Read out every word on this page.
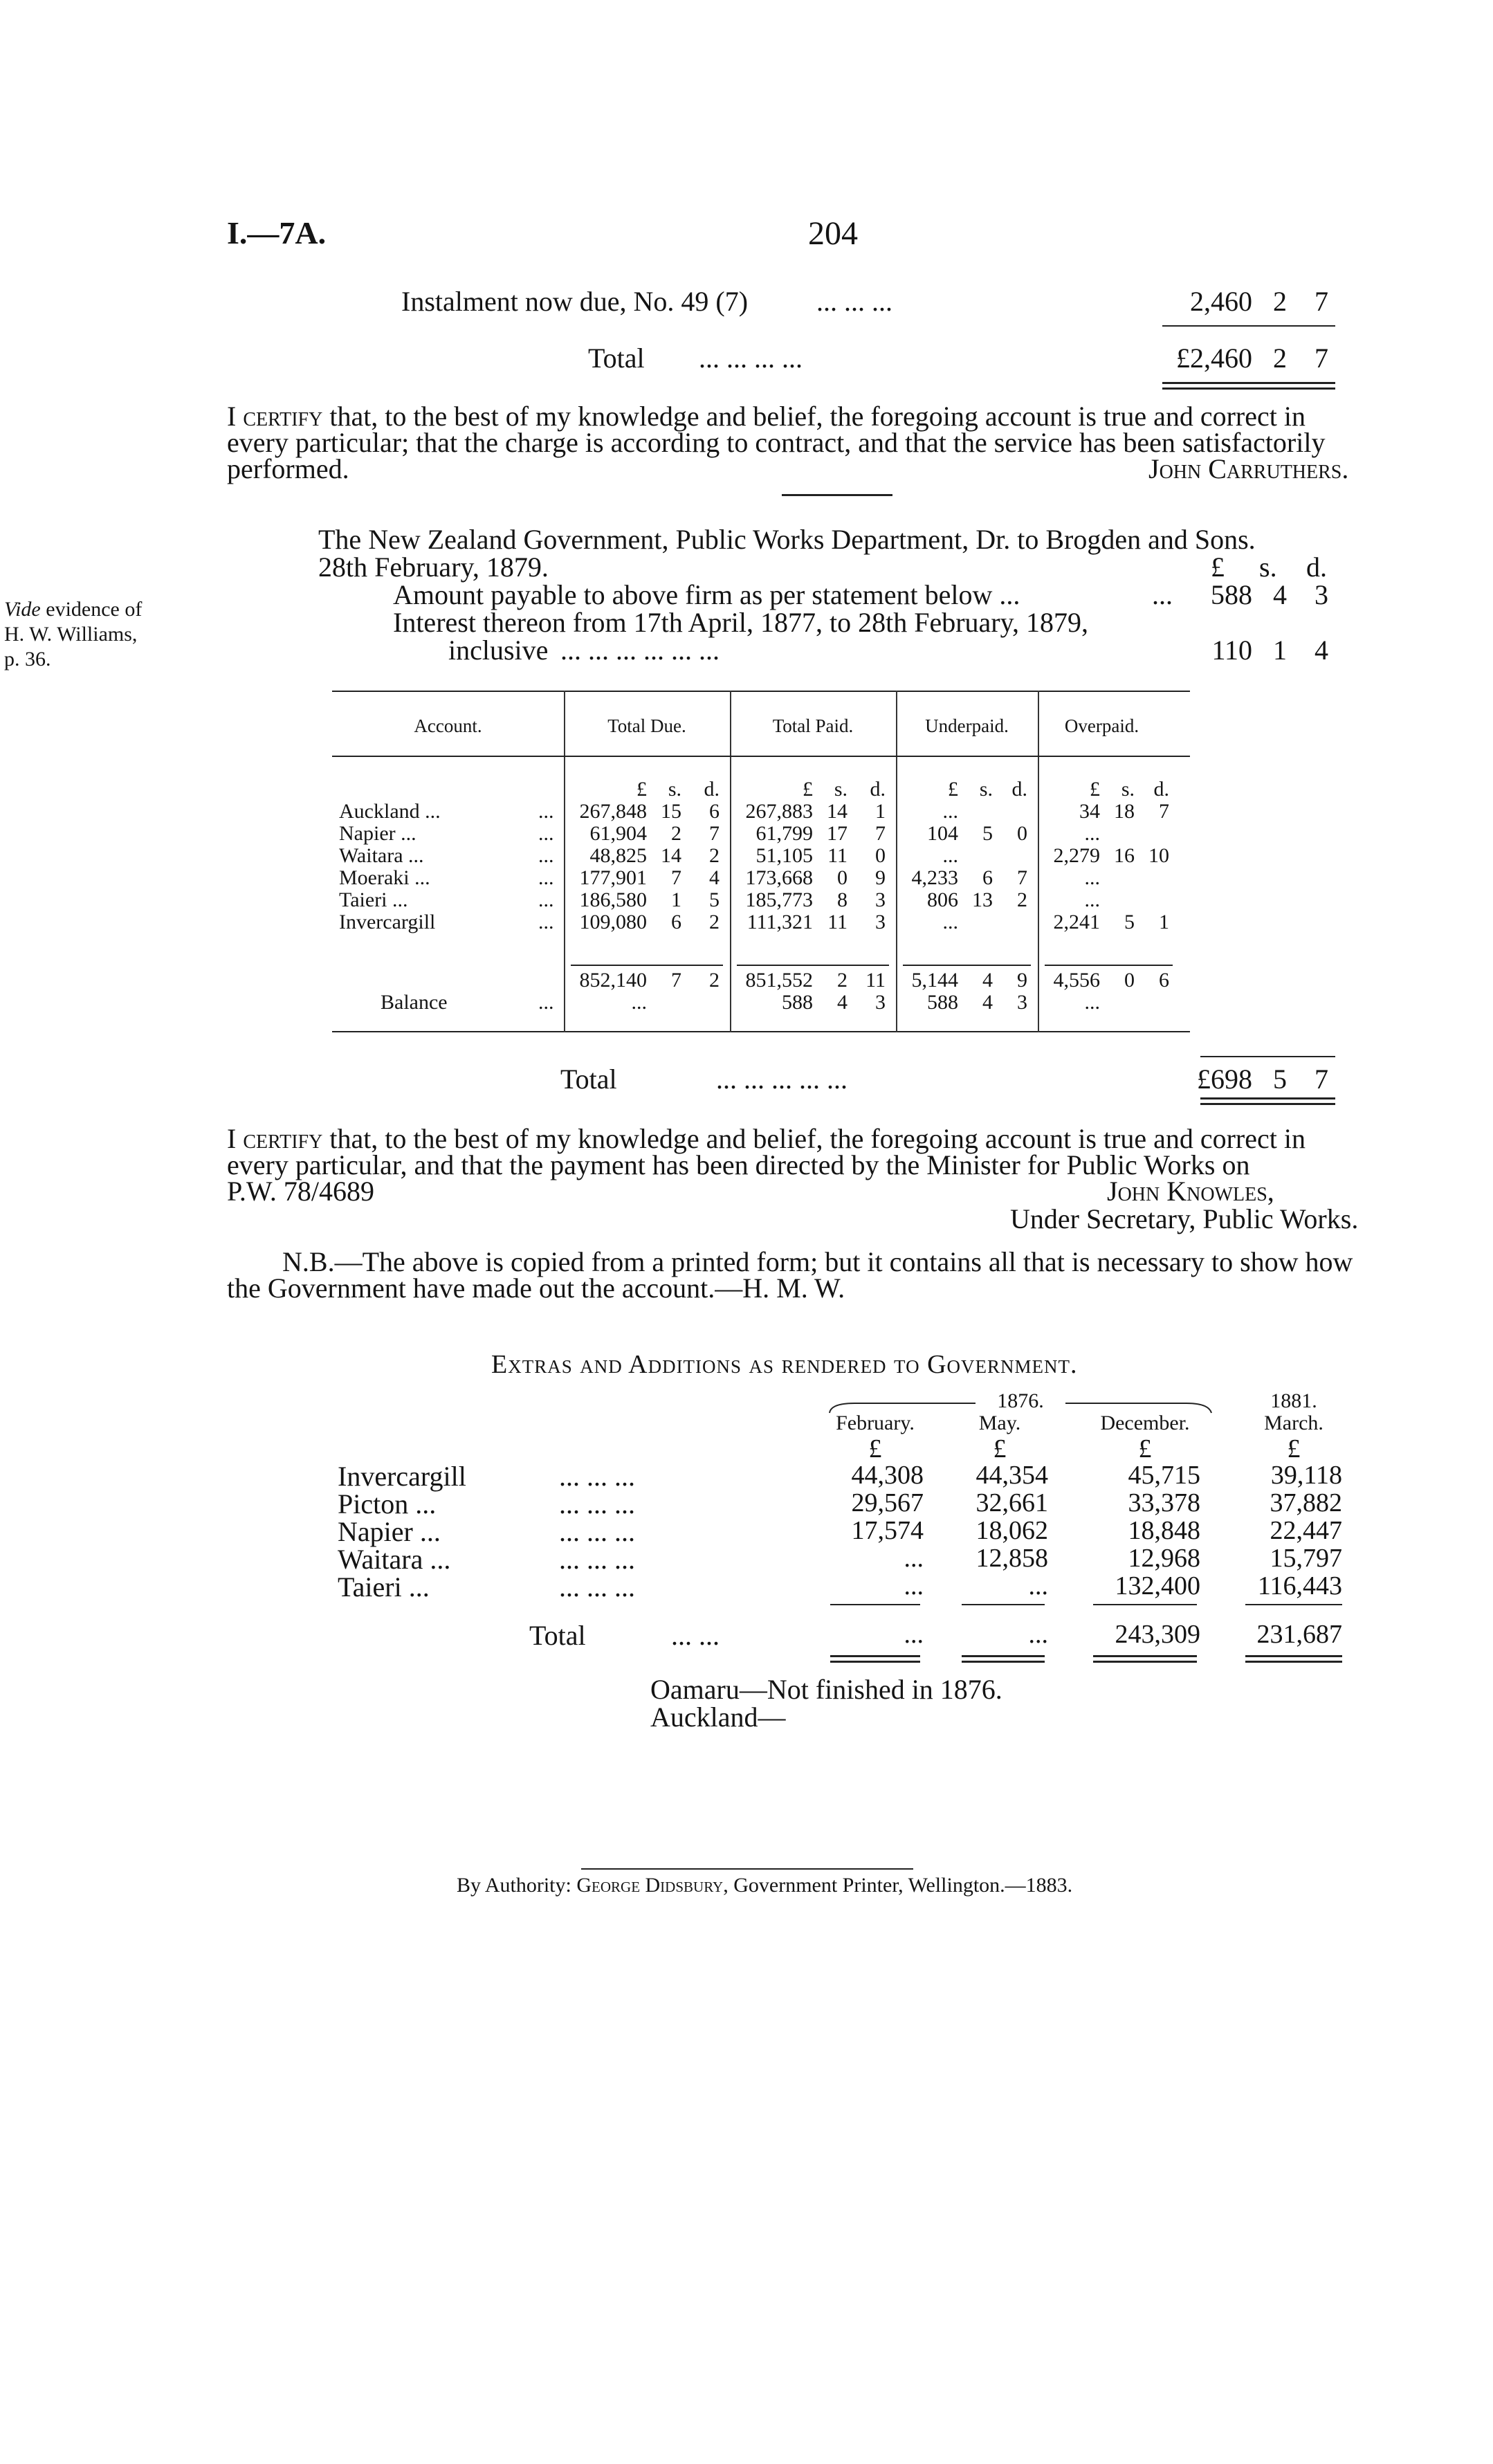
I.—7A.	204
Instalment now due, No. 49 (7) ... ... ...	2,460 2	7
Total ... ... ... ...	£2,460 2	7
I certify that, to the best of my knowledge and belief, the foregoing account is true and correct in
every particular; that the charge is according to contract, and that the service has been satisfactorily
performed.	John Carruthers.
The New Zealand Government, Public Works Department, Dr. to Brogden and Sons.
28th February, 1879.	£ s. d.
Amount payable to above firm as per statement below ...	...	588 4	3
Interest thereon from 17th April, 1877, to 28th February, 1879,
inclusive ... ... ... ... ... ...	110 1	4
Vide evidence of
H. W. Williams,
p. 36.
Account.	Total Due.	Total Paid.	Underpaid.	Overpaid.
£	s.	d.	£	s.	d.	£	s. d.	£	s. d.
Auckland ...	...	267,848 15	6	267,883 14	1	...	34 18	7
Napier ...	...	61,904	2	7	61,799 17	7	104	5	0	...
Waitara ...	...	48,825 14	2	51,105 11	0	...	2,279 16 10
Moeraki ...	...	177,901	7	4	173,668	0	9	4,233	6	7	...
Taieri ...	...	186,580	1	5	185,773	8	3	806 13	2	...
Invercargill	...	109,080	6	2	111,321 11	3	...	2,241	5	1
852,140	7	2	851,552	2 11	5,144	4	9	4,556	0	6
Balance	...	...	588	4	3	588	4	3	...
Total	... ... ... ... ...	£698 5	7
I certify that, to the best of my knowledge and belief, the foregoing account is true and correct in
every particular, and that the payment has been directed by the Minister for Public Works on
P.W. 78/4689	John Knowles,
Under Secretary, Public Works.
N.B.—The above is copied from a printed form; but it contains all that is necessary to show how
the Government have made out the account.—H. M. W.
Extras and Additions as rendered to Government.
1876.	1881.
February.	May.	December.	March.
£	£	£	£
Invercargill	... ... ...	44,308	44,354	45,715	39,118
Picton ...	... ... ...	29,567	32,661	33,378	37,882
Napier ...	... ... ...	17,574	18,062	18,848	22,447
Waitara ...	... ... ...	...	12,858	12,968	15,797
Taieri ...	... ... ...	...	...	132,400	116,443
Total	... ...	...	...	243,309	231,687
Oamaru—Not finished in 1876.
Auckland—
By Authority: George Didsbury, Government Printer, Wellington.—1883.
